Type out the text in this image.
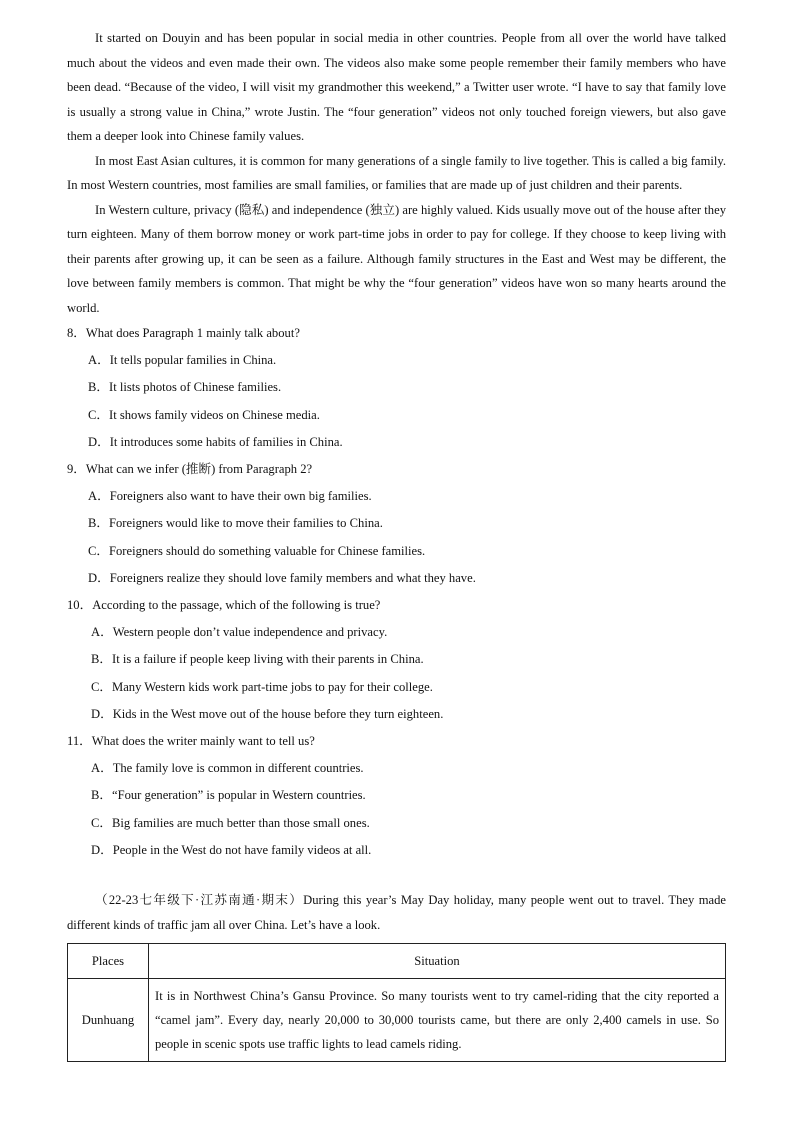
It started on Douyin and has been popular in social media in other countries. People from all over the world have talked much about the videos and even made their own. The videos also make some people remember their family members who have been dead. “Because of the video, I will visit my grandmother this weekend,” a Twitter user wrote. “I have to say that family love is usually a strong value in China,” wrote Justin. The “four generation” videos not only touched foreign viewers, but also gave them a deeper look into Chinese family values.

In most East Asian cultures, it is common for many generations of a single family to live together. This is called a big family. In most Western countries, most families are small families, or families that are made up of just children and their parents.

In Western culture, privacy (隐私) and independence (独立) are highly valued. Kids usually move out of the house after they turn eighteen. Many of them borrow money or work part-time jobs in order to pay for college. If they choose to keep living with their parents after growing up, it can be seen as a failure. Although family structures in the East and West may be different, the love between family members is common. That might be why the “four generation” videos have won so many hearts around the world.

8．What does Paragraph 1 mainly talk about?

A．It tells popular families in China.

B．It lists photos of Chinese families.

C．It shows family videos on Chinese media.

D．It introduces some habits of families in China.

9．What can we infer (推断) from Paragraph 2?

A．Foreigners also want to have their own big families.

B．Foreigners would like to move their families to China.

C．Foreigners should do something valuable for Chinese families.

D．Foreigners realize they should love family members and what they have.

10．According to the passage, which of the following is true?

A．Western people don’t value independence and privacy.

B．It is a failure if people keep living with their parents in China.

C．Many Western kids work part-time jobs to pay for their college.

D．Kids in the West move out of the house before they turn eighteen.

11．What does the writer mainly want to tell us?

A．The family love is common in different countries.

B．“Four generation” is popular in Western countries.

C．Big families are much better than those small ones.

D．People in the West do not have family videos at all.

（22-23七年级下·江苏南通·期末）During this year’s May Day holiday, many people went out to travel. They made different kinds of traffic jam all over China. Let’s have a look.

Places	Situation
Dunhuang	It is in Northwest China’s Gansu Province. So many tourists went to try camel-riding that the city reported a “camel jam”. Every day, nearly 20,000 to 30,000 tourists came, but there are only 2,400 camels in use. So people in scenic spots use traffic lights to lead camels riding.
